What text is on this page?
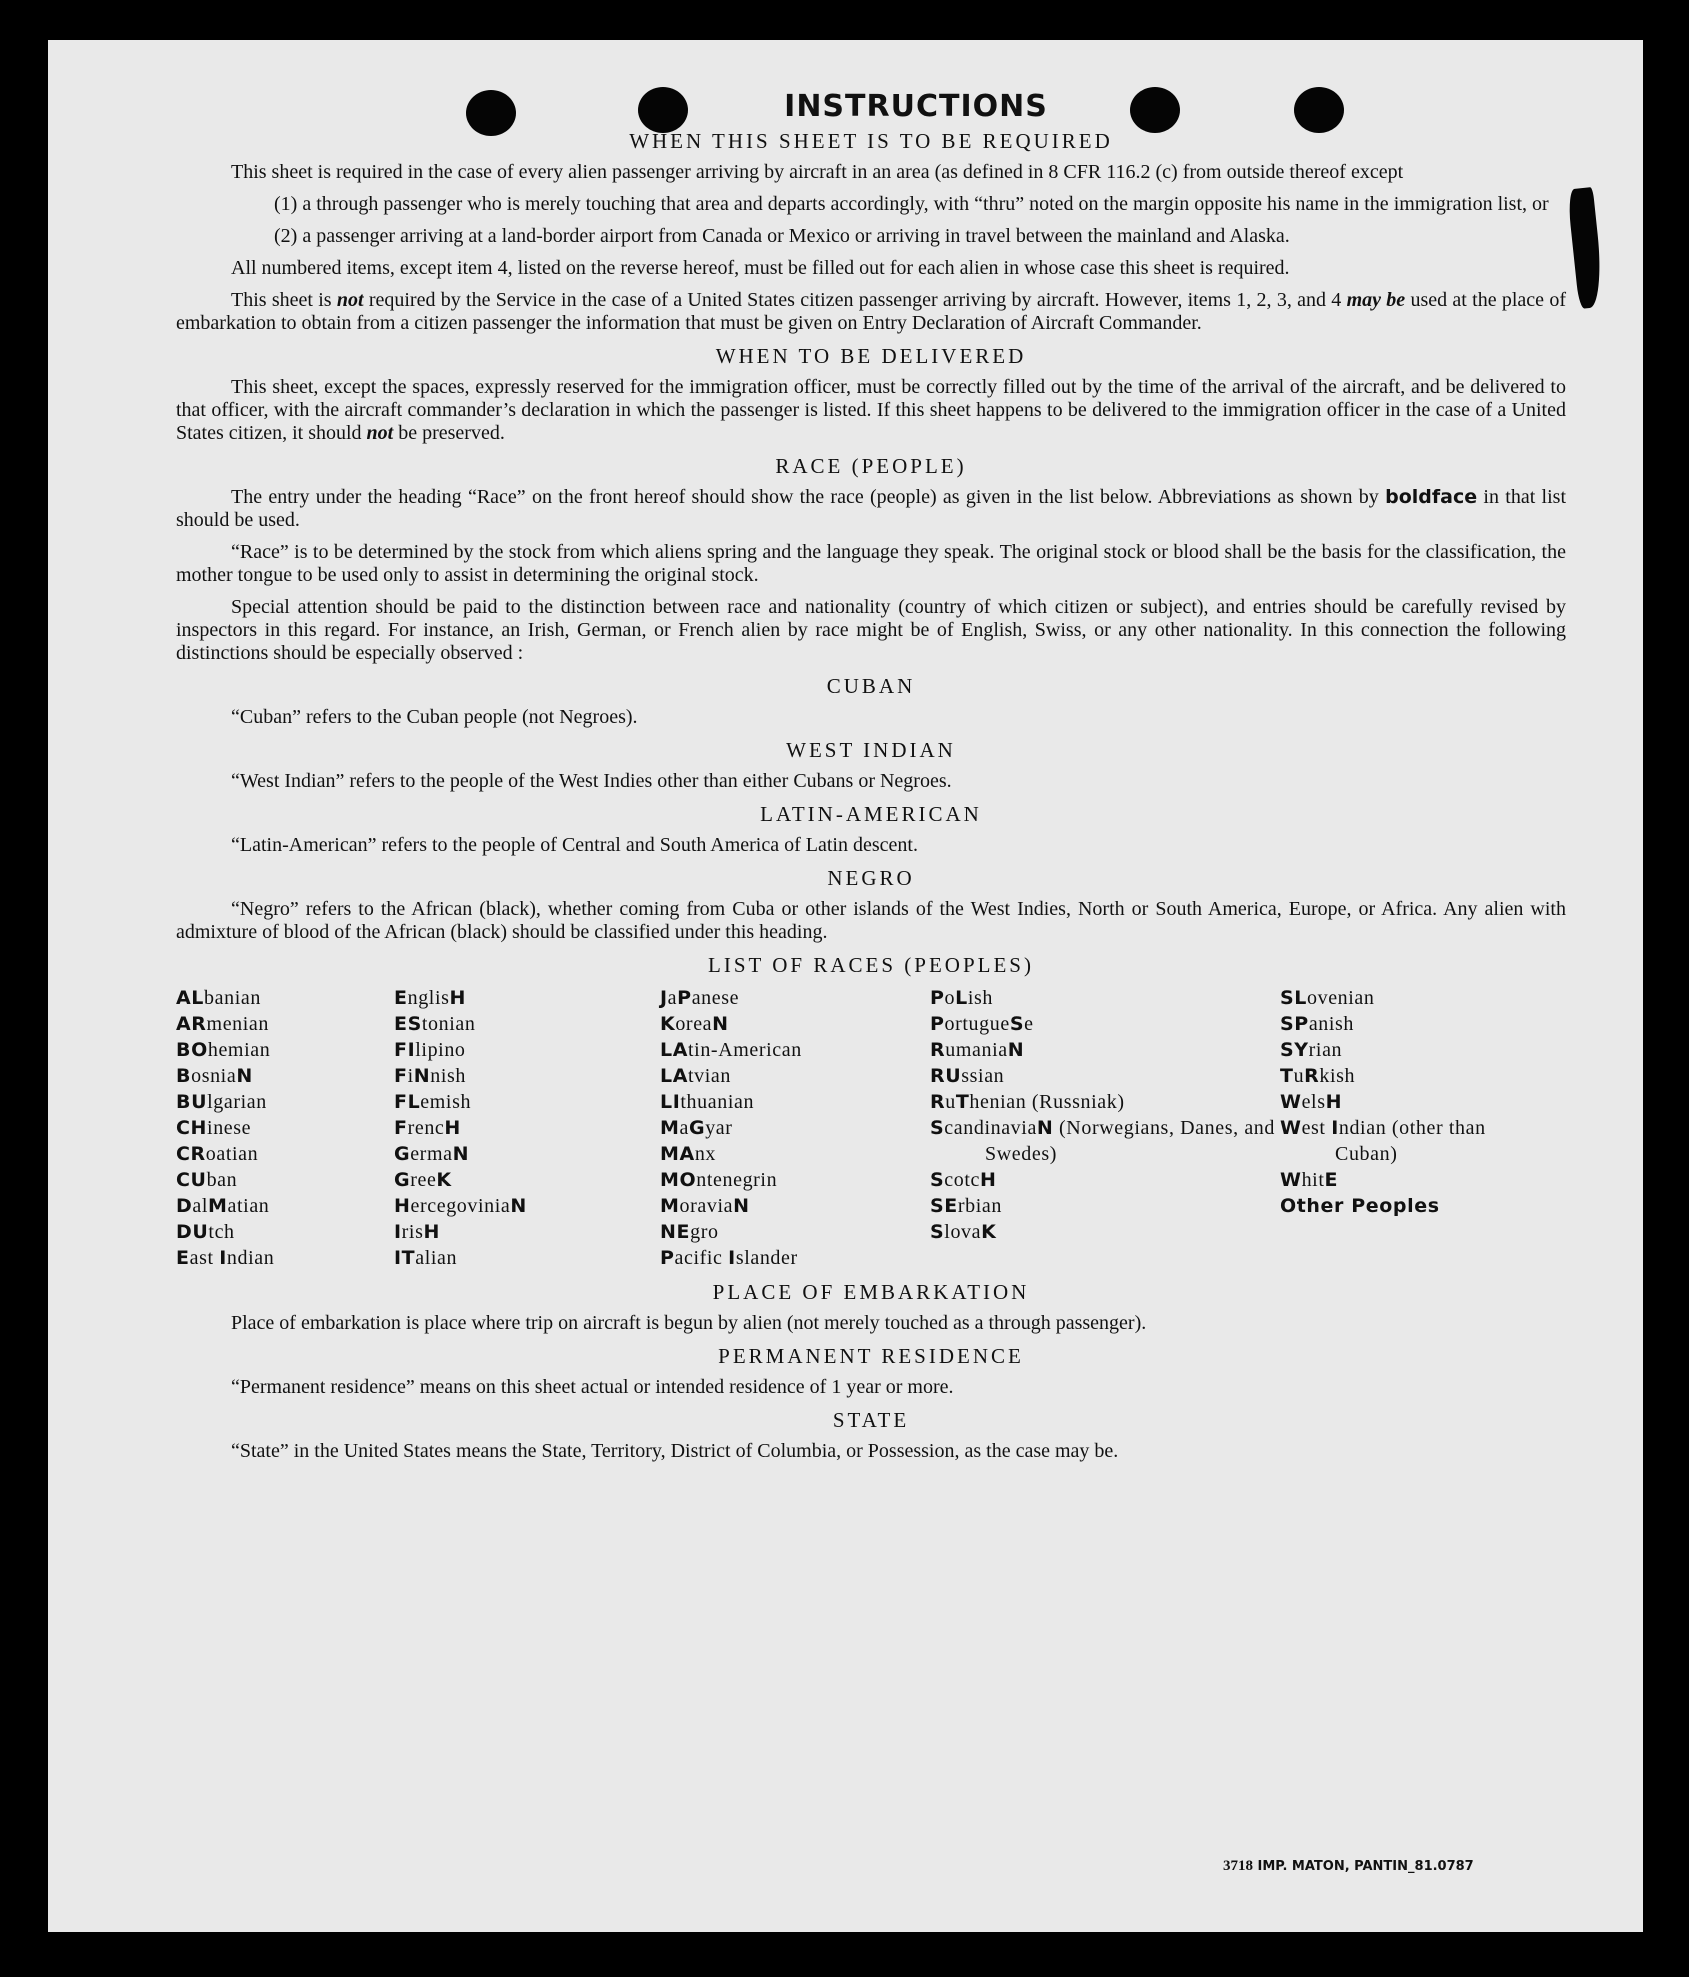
INSTRUCTIONS
WHEN THIS SHEET IS TO BE REQUIRED

This sheet is required in the case of every alien passenger arriving by aircraft in an area (as defined in 8 CFR 116.2 (c) from outside thereof except

(1) a through passenger who is merely touching that area and departs accordingly, with “thru” noted on the margin opposite his name in the immigration list, or

(2) a passenger arriving at a land-border airport from Canada or Mexico or arriving in travel between the mainland and Alaska.

All numbered items, except item 4, listed on the reverse hereof, must be filled out for each alien in whose case this sheet is required.

This sheet is not required by the Service in the case of a United States citizen passenger arriving by aircraft. However, items 1, 2, 3, and 4 may be used at the place of embarkation to obtain from a citizen passenger the information that must be given on Entry Declaration of Aircraft Commander.

WHEN TO BE DELIVERED

This sheet, except the spaces, expressly reserved for the immigration officer, must be correctly filled out by the time of the arrival of the aircraft, and be delivered to that officer, with the aircraft commander’s declaration in which the passenger is listed. If this sheet happens to be delivered to the immigration officer in the case of a United States citizen, it should not be preserved.

RACE (PEOPLE)

The entry under the heading “Race” on the front hereof should show the race (people) as given in the list below. Abbreviations as shown by boldface in that list should be used.

“Race” is to be determined by the stock from which aliens spring and the language they speak. The original stock or blood shall be the basis for the classification, the mother tongue to be used only to assist in determining the original stock.

Special attention should be paid to the distinction between race and nationality (country of which citizen or subject), and entries should be carefully revised by inspectors in this regard. For instance, an Irish, German, or French alien by race might be of English, Swiss, or any other nationality. In this connection the following distinctions should be especially observed :

CUBAN

“Cuban” refers to the Cuban people (not Negroes).

WEST INDIAN

“West Indian” refers to the people of the West Indies other than either Cubans or Negroes.

LATIN-AMERICAN

“Latin-American” refers to the people of Central and South America of Latin descent.

NEGRO

“Negro” refers to the African (black), whether coming from Cuba or other islands of the West Indies, North or South America, Europe, or Africa. Any alien with admixture of blood of the African (black) should be classified under this heading.

LIST OF RACES (PEOPLES)
ALbanian
ARmenian
BOhemian
BosniaN
BUlgarian
CHinese
CRoatian
CUban
DalMatian
DUtch
East Indian
EnglisH
EStonian
FIlipino
FiNnish
FLemish
FrencH
GermaN
GreeK
HercegoviniaN
IrisH
ITalian
JaPanese
KoreaN
LAtin-American
LAtvian
LIthuanian
MaGyar
MAnx
MOntenegrin
MoraviaN
NEgro
Pacific Islander
PoLish
PortugueSe
RumaniaN
RUssian
RuThenian (Russniak)
ScandinaviaN (Norwegians, Danes, and Swedes)
ScotcH
SErbian
SlovaK
SLovenian
SPanish
SYrian
TuRkish
WelsH
West Indian (other than Cuban)
WhitE
Other Peoples
PLACE OF EMBARKATION

Place of embarkation is place where trip on aircraft is begun by alien (not merely touched as a through passenger).

PERMANENT RESIDENCE

“Permanent residence” means on this sheet actual or intended residence of 1 year or more.

STATE

“State” in the United States means the State, Territory, District of Columbia, or Possession, as the case may be.

3718 IMP. MATON, PANTIN_81.0787
